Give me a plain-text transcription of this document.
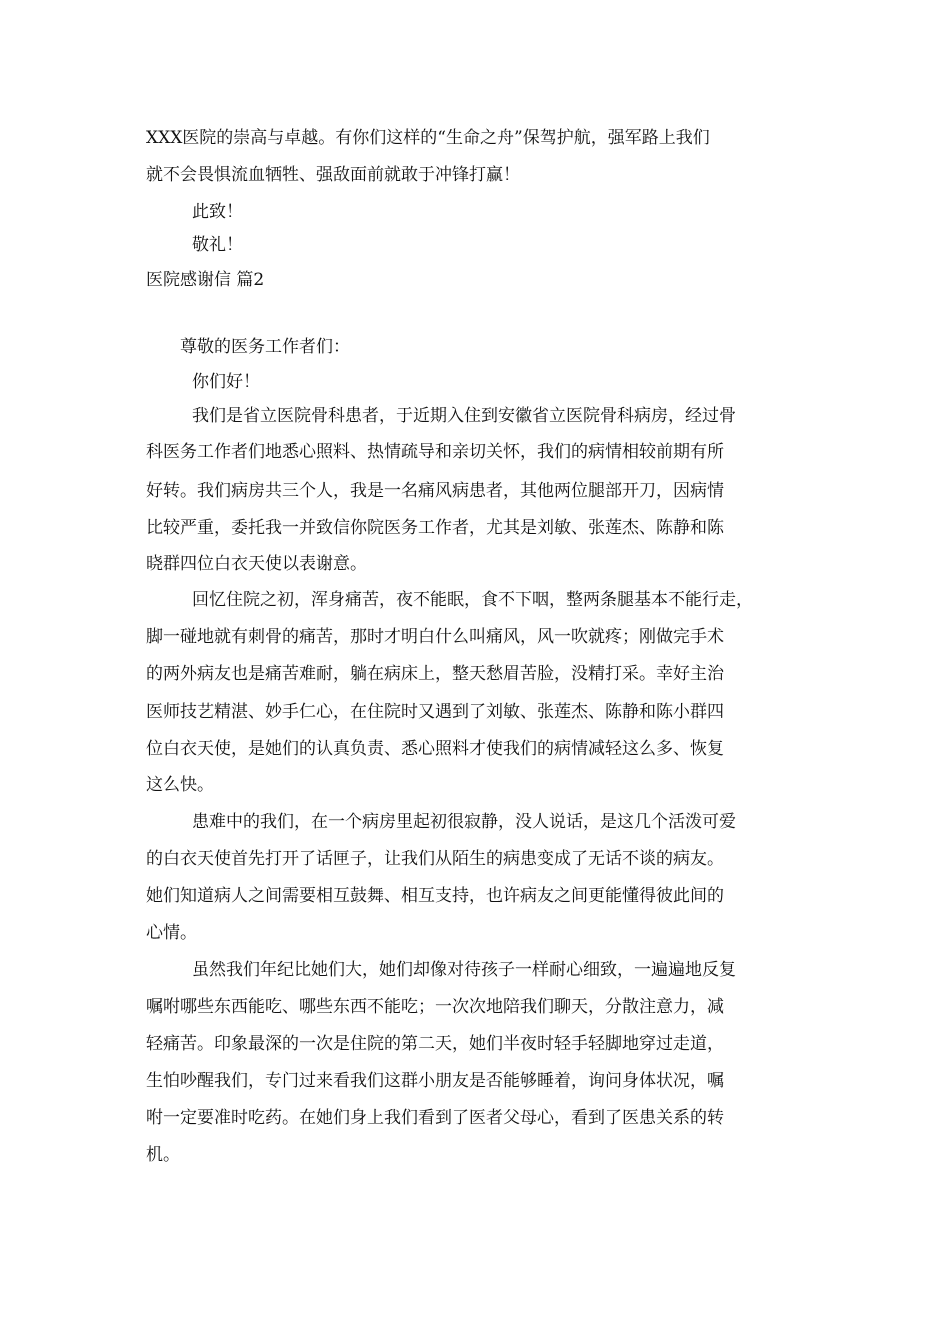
XXX医院的崇高与卓越。有你们这样的“生命之舟”保驾护航，强军路上我们
就不会畏惧流血牺牲、强敌面前就敢于冲锋打赢！
此致！
敬礼！
医院感谢信 篇2
尊敬的医务工作者们：
你们好！
我们是省立医院骨科患者，于近期入住到安徽省立医院骨科病房，经过骨
科医务工作者们地悉心照料、热情疏导和亲切关怀，我们的病情相较前期有所
好转。我们病房共三个人，我是一名痛风病患者，其他两位腿部开刀，因病情
比较严重，委托我一并致信你院医务工作者，尤其是刘敏、张莲杰、陈静和陈
晓群四位白衣天使以表谢意。
回忆住院之初，浑身痛苦，夜不能眠，食不下咽，整两条腿基本不能行走，
脚一碰地就有刺骨的痛苦，那时才明白什么叫痛风，风一吹就疼；刚做完手术
的两外病友也是痛苦难耐，躺在病床上，整天愁眉苦脸，没精打采。幸好主治
医师技艺精湛、妙手仁心，在住院时又遇到了刘敏、张莲杰、陈静和陈小群四
位白衣天使，是她们的认真负责、悉心照料才使我们的病情减轻这么多、恢复
这么快。
患难中的我们，在一个病房里起初很寂静，没人说话，是这几个活泼可爱
的白衣天使首先打开了话匣子，让我们从陌生的病患变成了无话不谈的病友。
她们知道病人之间需要相互鼓舞、相互支持，也许病友之间更能懂得彼此间的
心情。
虽然我们年纪比她们大，她们却像对待孩子一样耐心细致，一遍遍地反复
嘱咐哪些东西能吃、哪些东西不能吃；一次次地陪我们聊天，分散注意力，减
轻痛苦。印象最深的一次是住院的第二天，她们半夜时轻手轻脚地穿过走道，
生怕吵醒我们，专门过来看我们这群小朋友是否能够睡着，询问身体状况，嘱
咐一定要准时吃药。在她们身上我们看到了医者父母心，看到了医患关系的转
机。
